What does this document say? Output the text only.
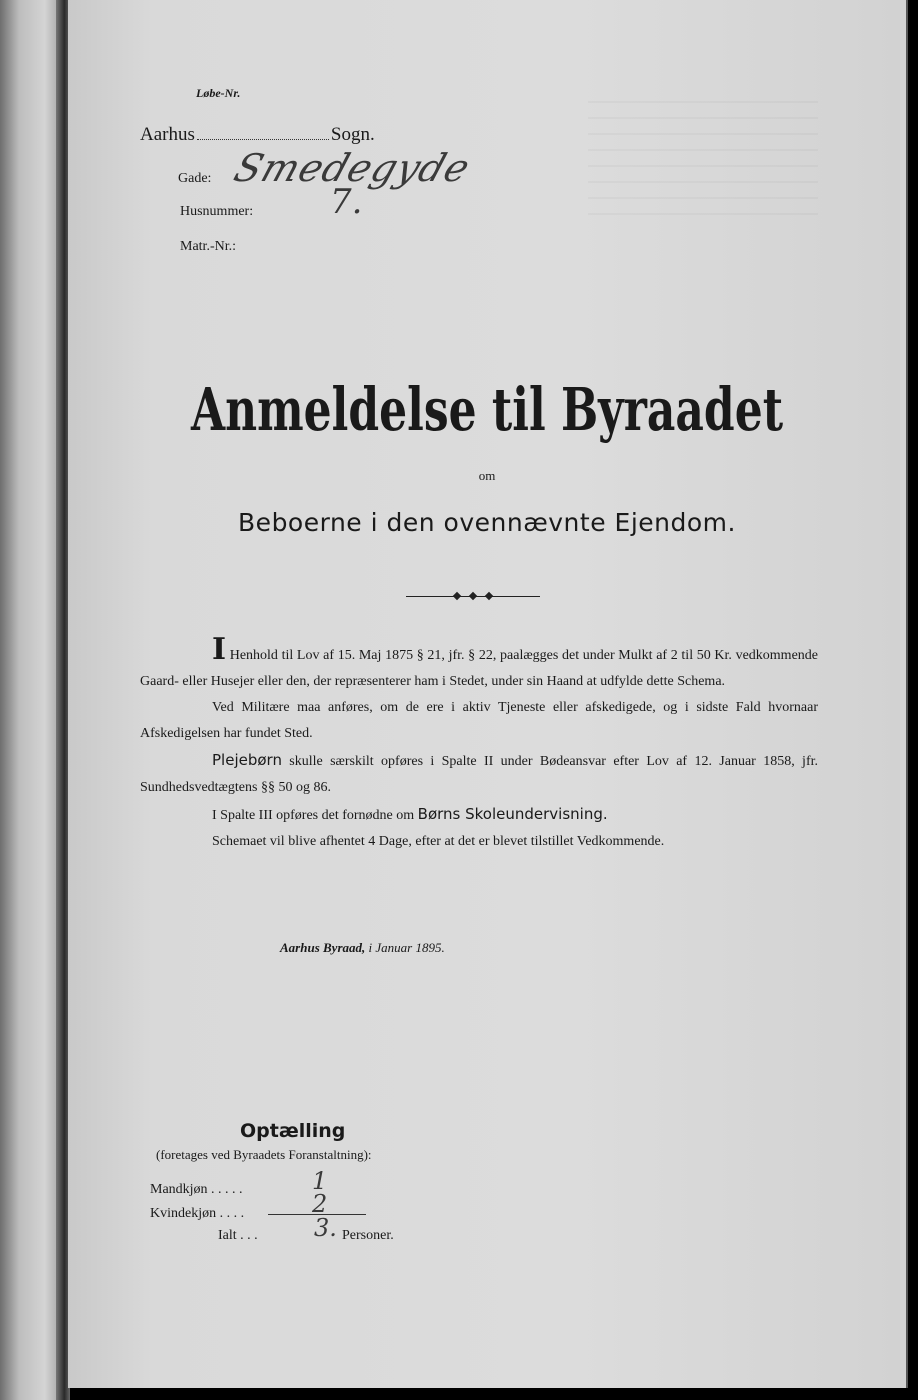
Løbe-Nr.
Aarhus	Sogn.
Gade: Smedegyde
Husnummer: 7.
Matr.-Nr.:
Anmeldelse til Byraadet
om
Beboerne i den ovennævnte Ejendom.

I Henhold til Lov af 15. Maj 1875 § 21, jfr. § 22, paalægges det under Mulkt af 2 til 50 Kr. vedkommende Gaard- eller Husejer eller den, der repræsenterer ham i Stedet, under sin Haand at udfylde dette Schema.

Ved Militære maa anføres, om de ere i aktiv Tjeneste eller afskedigede, og i sidste Fald hvornaar Afskedigelsen har fundet Sted.

Plejebørn skulle særskilt opføres i Spalte II under Bødeansvar efter Lov af 12. Januar 1858, jfr. Sundhedsvedtægtens §§ 50 og 86.

I Spalte III opføres det fornødne om Børns Skoleundervisning.

Schemaet vil blive afhentet 4 Dage, efter at det er blevet tilstillet Vedkommende.

Aarhus Byraad, i Januar 1895.
Optælling
(foretages ved Byraadets Foranstaltning):
Mandkjøn . . . . .	1
Kvindekjøn . . . .	2
Ialt . . . 3. Personer.
